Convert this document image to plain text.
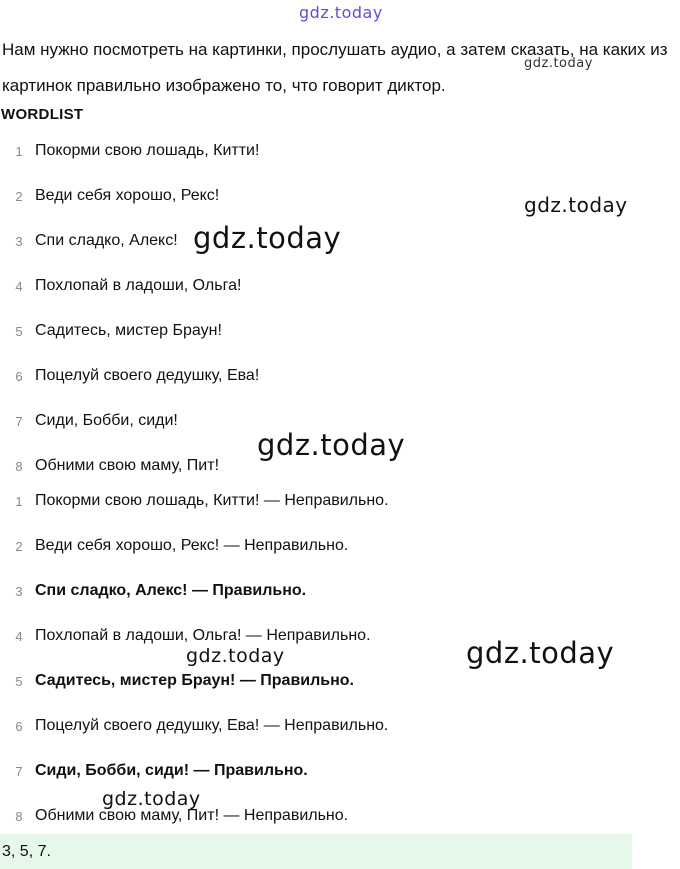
Нам нужно посмотреть на картинки, прослушать аудио, а затем сказать, на каких из картинок правильно изображено то, что говорит диктор.
WORDLIST
1 Покорми свою лошадь, Китти!
2 Веди себя хорошо, Рекс!
3 Спи сладко, Алекс!
4 Похлопай в ладоши, Ольга!
5 Садитесь, мистер Браун!
6 Поцелуй своего дедушку, Ева!
7 Сиди, Бобби, сиди!
8 Обними свою маму, Пит!
1 Покорми свою лошадь, Китти! — Неправильно.
2 Веди себя хорошо, Рекс! — Неправильно.
3 Спи сладко, Алекс! — Правильно.
4 Похлопай в ладоши, Ольга! — Неправильно.
5 Садитесь, мистер Браун! — Правильно.
6 Поцелуй своего дедушку, Ева! — Неправильно.
7 Сиди, Бобби, сиди! — Правильно.
8 Обними свою маму, Пит! — Неправильно.
3, 5, 7.
gdz.today
gdz.today
gdz.today
gdz.today
gdz.today
gdz.today	gdz.today
gdz.today
